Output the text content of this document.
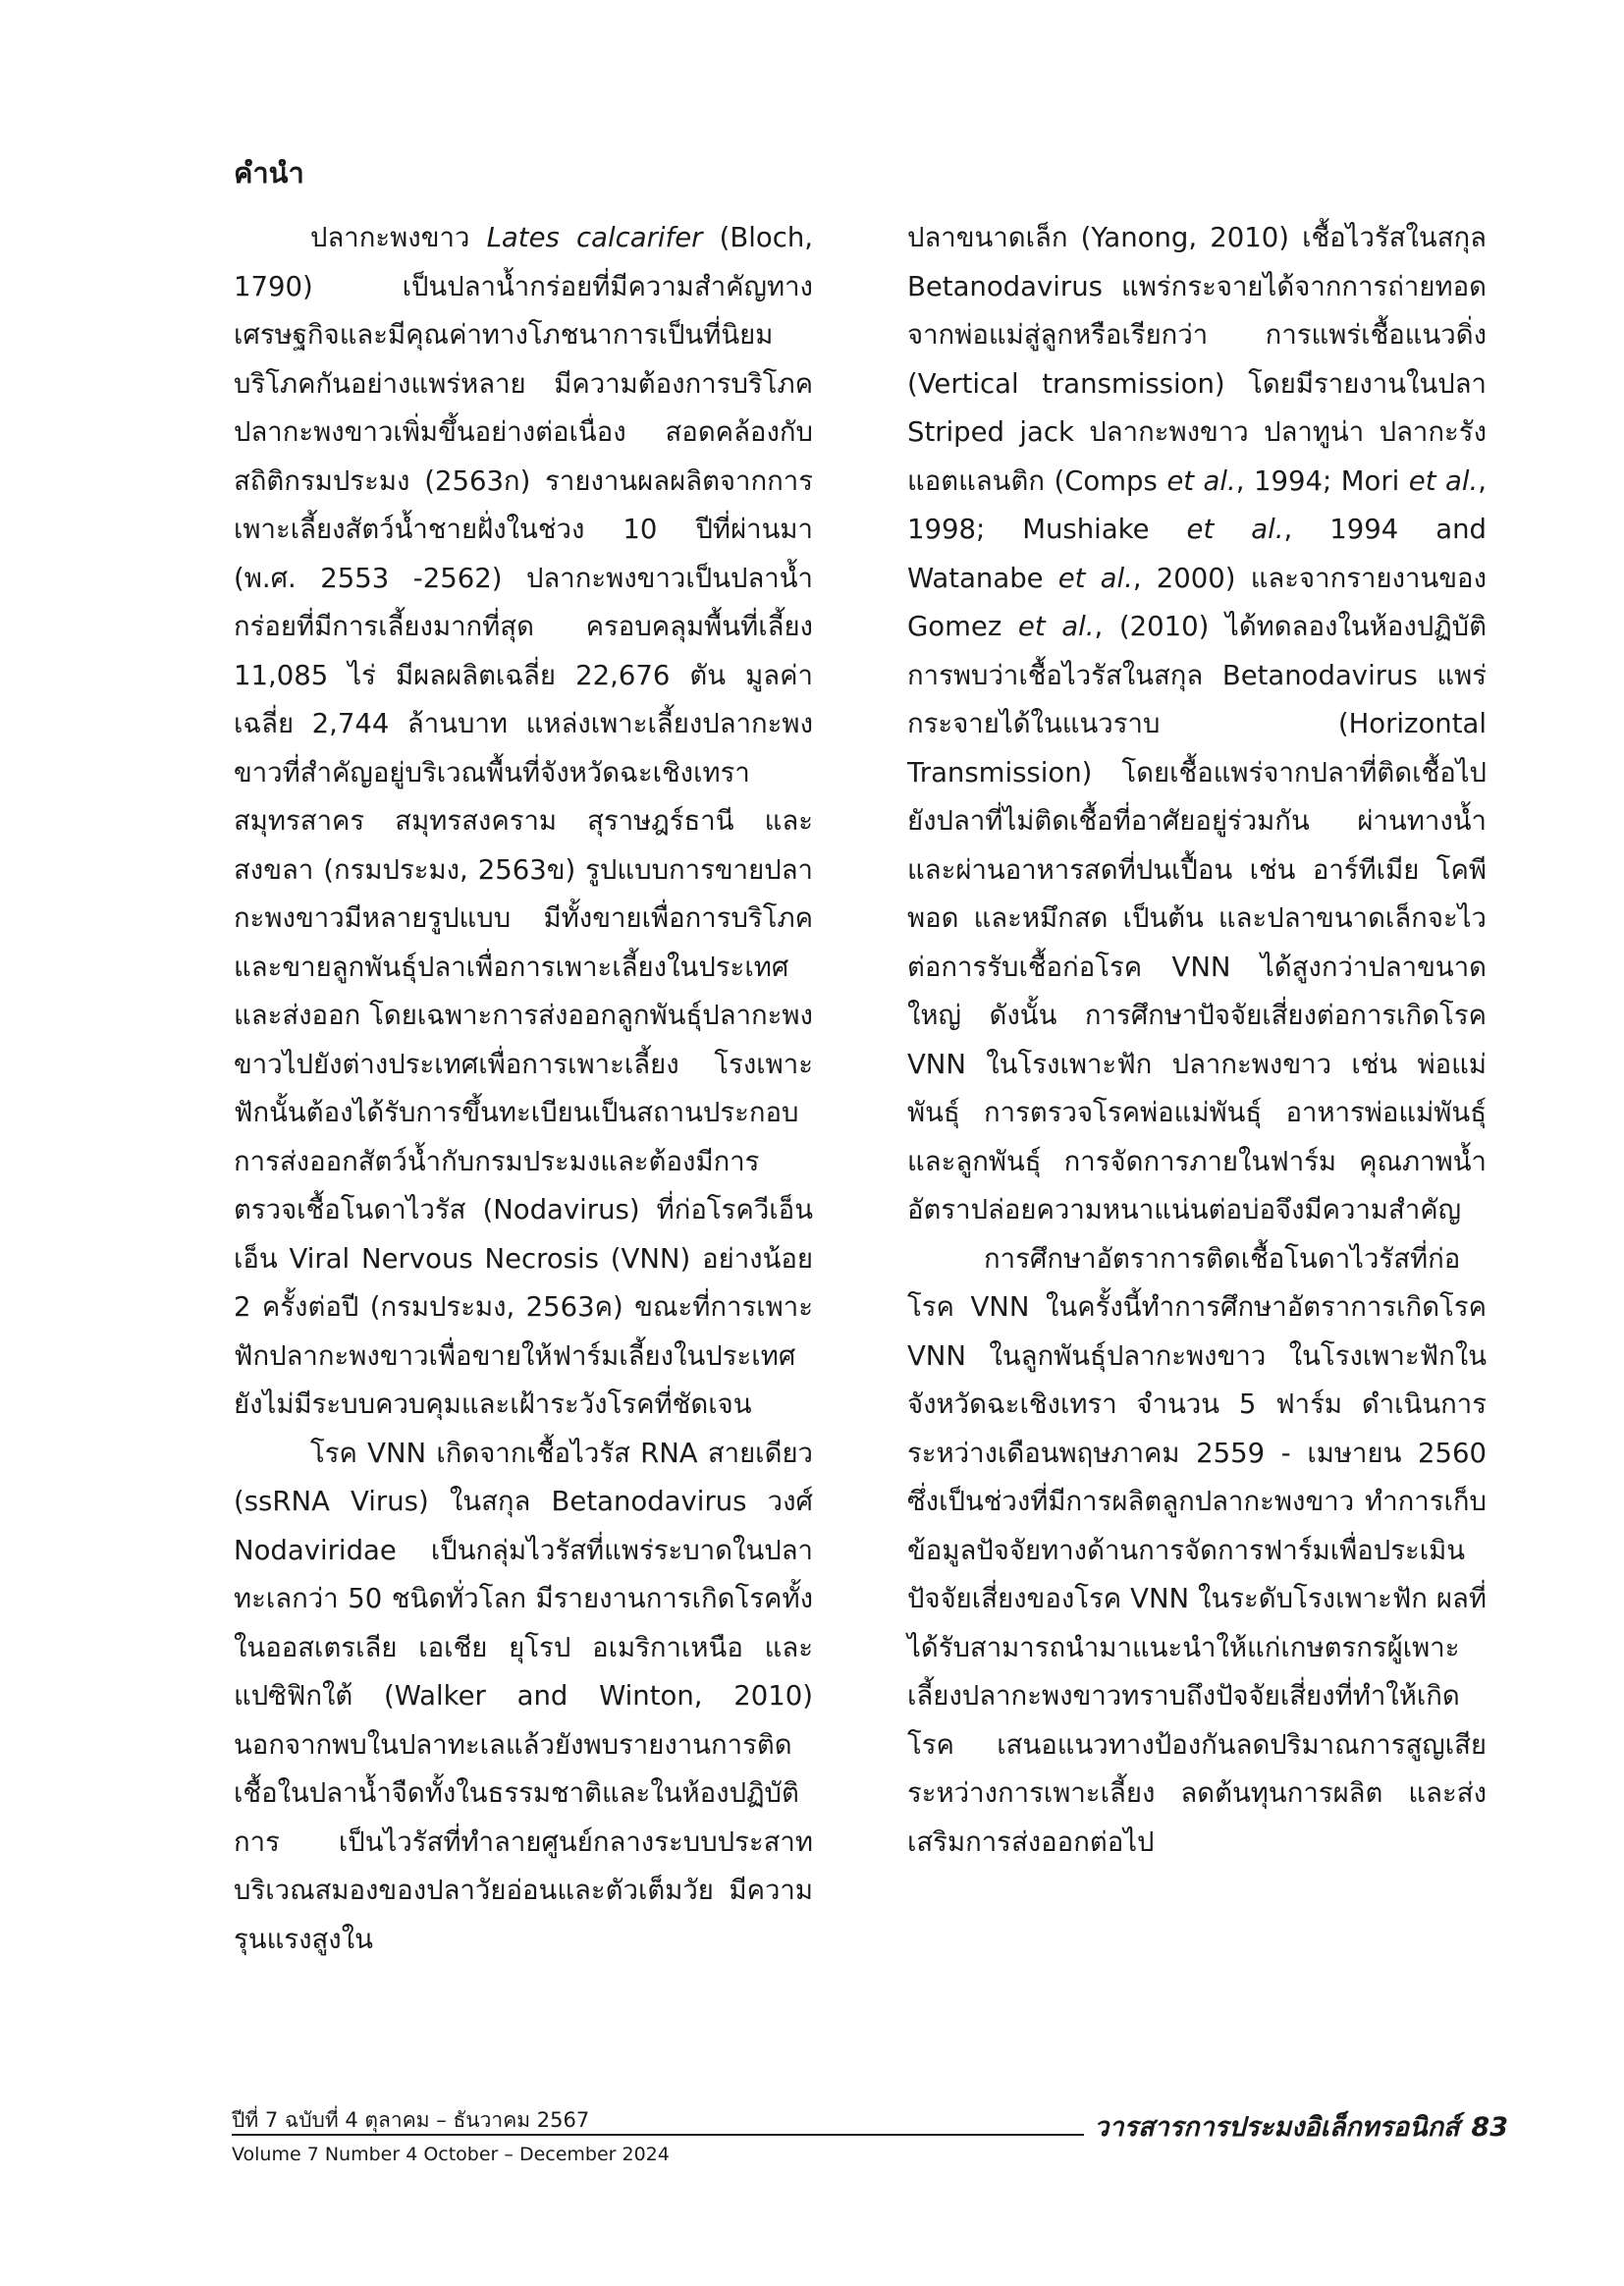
คำนำ

ปลากะพงขาว Lates calcarifer (Bloch, 1790) เป็นปลาน้ำกร่อยที่มีความสำคัญทางเศรษฐกิจและมีคุณค่าทางโภชนาการเป็นที่นิยมบริโภคกันอย่างแพร่หลาย มีความต้องการบริโภคปลากะพงขาวเพิ่มขึ้นอย่างต่อเนื่อง สอดคล้องกับสถิติกรมประมง (2563ก) รายงานผลผลิตจากการเพาะเลี้ยงสัตว์น้ำชายฝั่งในช่วง 10 ปีที่ผ่านมา (พ.ศ. 2553 -2562) ปลากะพงขาวเป็นปลาน้ำกร่อยที่มีการเลี้ยงมากที่สุด ครอบคลุมพื้นที่เลี้ยง 11,085 ไร่ มีผลผลิตเฉลี่ย 22,676 ตัน มูลค่าเฉลี่ย 2,744 ล้านบาท แหล่งเพาะเลี้ยงปลากะพงขาวที่สำคัญอยู่บริเวณพื้นที่จังหวัดฉะเชิงเทรา สมุทรสาคร สมุทรสงคราม สุราษฎร์ธานี และสงขลา (กรมประมง, 2563ข) รูปแบบการขายปลากะพงขาวมีหลายรูปแบบ มีทั้งขายเพื่อการบริโภคและขายลูกพันธุ์ปลาเพื่อการเพาะเลี้ยงในประเทศและส่งออก โดยเฉพาะการส่งออกลูกพันธุ์ปลากะพงขาวไปยังต่างประเทศเพื่อการเพาะเลี้ยง โรงเพาะฟักนั้นต้องได้รับการขึ้นทะเบียนเป็นสถานประกอบการส่งออกสัตว์น้ำกับกรมประมงและต้องมีการตรวจเชื้อโนดาไวรัส (Nodavirus) ที่ก่อโรควีเอ็นเอ็น Viral Nervous Necrosis (VNN) อย่างน้อย 2 ครั้งต่อปี (กรมประมง, 2563ค) ขณะที่การเพาะฟักปลากะพงขาวเพื่อขายให้ฟาร์มเลี้ยงในประเทศ ยังไม่มีระบบควบคุมและเฝ้าระวังโรคที่ชัดเจน

โรค VNN เกิดจากเชื้อไวรัส RNA สายเดียว (ssRNA Virus) ในสกุล Betanodavirus วงศ์ Nodaviridae เป็นกลุ่มไวรัสที่แพร่ระบาดในปลาทะเลกว่า 50 ชนิดทั่วโลก มีรายงานการเกิดโรคทั้งในออสเตรเลีย เอเชีย ยุโรป อเมริกาเหนือ และแปซิฟิกใต้ (Walker and Winton, 2010) นอกจากพบในปลาทะเลแล้วยังพบรายงานการติดเชื้อในปลาน้ำจืดทั้งในธรรมชาติและในห้องปฏิบัติการ เป็นไวรัสที่ทำลายศูนย์กลางระบบประสาทบริเวณสมองของปลาวัยอ่อนและตัวเต็มวัย มีความรุนแรงสูงใน

ปลาขนาดเล็ก (Yanong, 2010) เชื้อไวรัสในสกุล Betanodavirus แพร่กระจายได้จากการถ่ายทอดจากพ่อแม่สู่ลูกหรือเรียกว่า การแพร่เชื้อแนวดิ่ง (Vertical transmission) โดยมีรายงานในปลา Striped jack ปลากะพงขาว ปลาทูน่า ปลากะรังแอตแลนติก (Comps et al., 1994; Mori et al., 1998; Mushiake et al., 1994 and Watanabe et al., 2000) และจากรายงานของ Gomez et al., (2010) ได้ทดลองในห้องปฏิบัติการพบว่าเชื้อไวรัสในสกุล Betanodavirus แพร่กระจายได้ในแนวราบ (Horizontal Transmission) โดยเชื้อแพร่จากปลาที่ติดเชื้อไปยังปลาที่ไม่ติดเชื้อที่อาศัยอยู่ร่วมกัน ผ่านทางน้ำ และผ่านอาหารสดที่ปนเปื้อน เช่น อาร์ทีเมีย โคพีพอด และหมึกสด เป็นต้น และปลาขนาดเล็กจะไวต่อการรับเชื้อก่อโรค VNN ได้สูงกว่าปลาขนาดใหญ่ ดังนั้น การศึกษาปัจจัยเสี่ยงต่อการเกิดโรค VNN ในโรงเพาะฟัก ปลากะพงขาว เช่น พ่อแม่พันธุ์ การตรวจโรคพ่อแม่พันธุ์ อาหารพ่อแม่พันธุ์และลูกพันธุ์ การจัดการภายในฟาร์ม คุณภาพน้ำ อัตราปล่อยความหนาแน่นต่อบ่อจึงมีความสำคัญ

การศึกษาอัตราการติดเชื้อโนดาไวรัสที่ก่อโรค VNN ในครั้งนี้ทำการศึกษาอัตราการเกิดโรค VNN ในลูกพันธุ์ปลากะพงขาว ในโรงเพาะฟักในจังหวัดฉะเชิงเทรา จำนวน 5 ฟาร์ม ดำเนินการระหว่างเดือนพฤษภาคม 2559 - เมษายน 2560 ซึ่งเป็นช่วงที่มีการผลิตลูกปลากะพงขาว ทำการเก็บข้อมูลปัจจัยทางด้านการจัดการฟาร์มเพื่อประเมินปัจจัยเสี่ยงของโรค VNN ในระดับโรงเพาะฟัก ผลที่ได้รับสามารถนำมาแนะนำให้แก่เกษตรกรผู้เพาะเลี้ยงปลากะพงขาวทราบถึงปัจจัยเสี่ยงที่ทำให้เกิดโรค เสนอแนวทางป้องกันลดปริมาณการสูญเสียระหว่างการเพาะเลี้ยง ลดต้นทุนการผลิต และส่งเสริมการส่งออกต่อไป

ปีที่ 7 ฉบับที่ 4 ตุลาคม – ธันวาคม 2567
Volume 7 Number 4 October – December 2024
วารสารการประมงอิเล็กทรอนิกส์ 83
